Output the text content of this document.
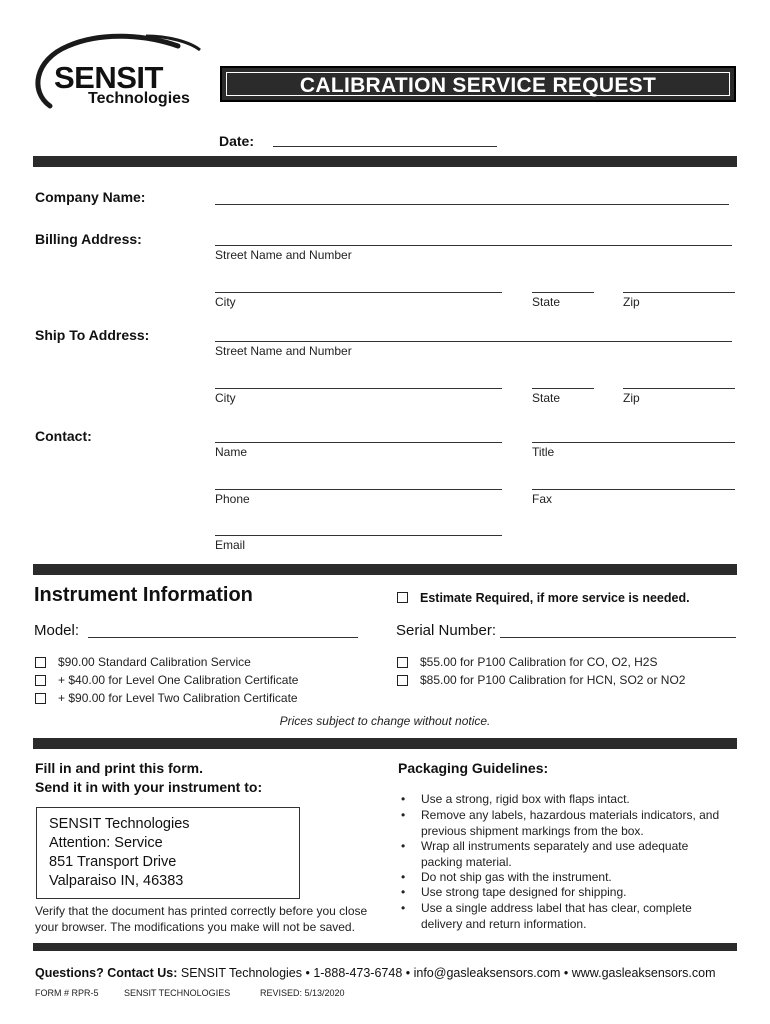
SENSIT
Technologies
CALIBRATION SERVICE REQUEST
Date:
Company Name:
Billing Address:
Street Name and Number
City	State	Zip
Ship To Address:
Street Name and Number
City	State	Zip
Contact:
Name	Title
Phone	Fax
Email
Instrument Information	Estimate Required, if more service is needed.
Model:	Serial Number:
$90.00 Standard Calibration Service
+ $40.00 for Level One Calibration Certificate
+ $90.00 for Level Two Calibration Certificate
$55.00 for P100 Calibration for CO, O2, H2S
$85.00 for P100 Calibration for HCN, SO2 or NO2
Prices subject to change without notice.
Fill in and print this form.
Send it in with your instrument to:
SENSIT Technologies
Attention: Service
851 Transport Drive
Valparaiso IN, 46383
Verify that the document has printed correctly before you close your browser. The modifications you make will not be saved.
Packaging Guidelines:
• Use a strong, rigid box with flaps intact.
• Remove any labels, hazardous materials indicators, and previous shipment markings from the box.
• Wrap all instruments separately and use adequate packing material.
• Do not ship gas with the instrument.
• Use strong tape designed for shipping.
• Use a single address label that has clear, complete delivery and return information.
Questions? Contact Us: SENSIT Technologies • 1-888-473-6748 • info@gasleaksensors.com • www.gasleaksensors.com
FORM # RPR-5	SENSIT TECHNOLOGIES	REVISED: 5/13/2020
